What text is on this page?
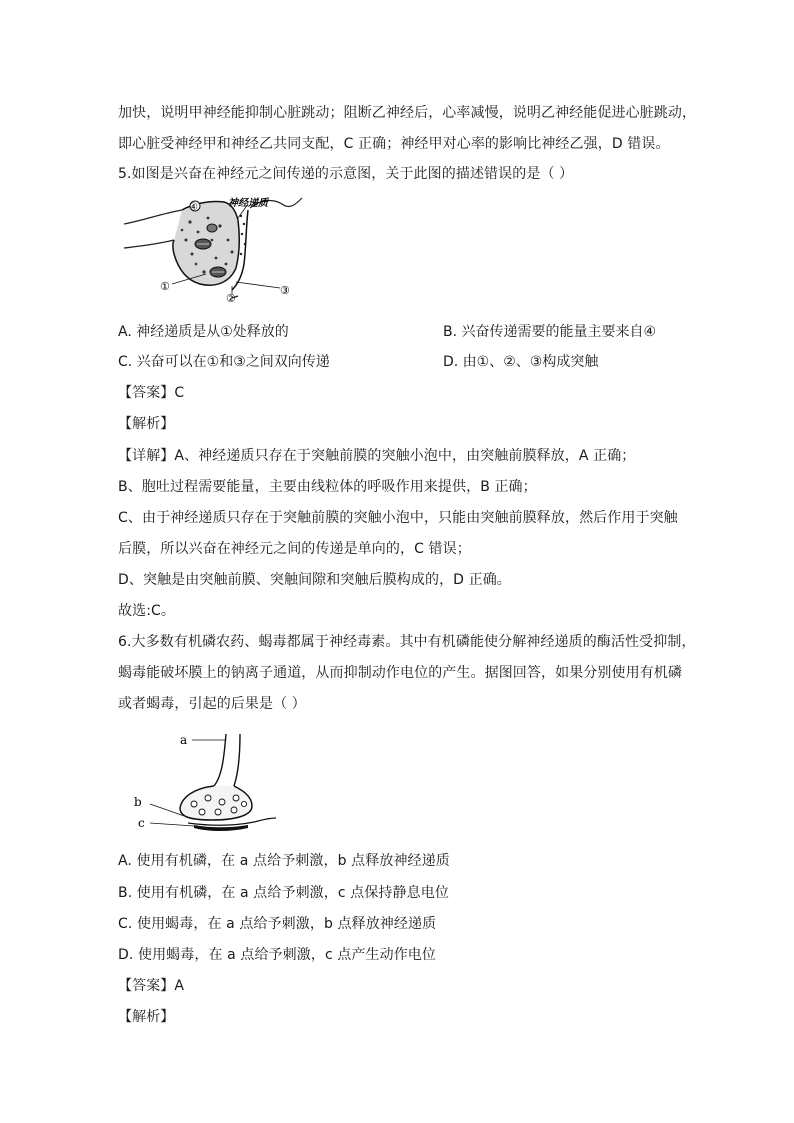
加快，说明甲神经能抑制心脏跳动；阻断乙神经后，心率减慢，说明乙神经能促进心脏跳动，
即心脏受神经甲和神经乙共同支配，C 正确；神经甲对心率的影响比神经乙强，D 错误。
5.如图是兴奋在神经元之间传递的示意图，关于此图的描述错误的是（ ）
神经递质
④
①
②
③
A. 神经递质是从①处释放的	B. 兴奋传递需要的能量主要来自④
C. 兴奋可以在①和③之间双向传递	D. 由①、②、③构成突触
【答案】C
【解析】
【详解】A、神经递质只存在于突触前膜的突触小泡中，由突触前膜释放，A 正确；
B、胞吐过程需要能量，主要由线粒体的呼吸作用来提供，B 正确；
C、由于神经递质只存在于突触前膜的突触小泡中，只能由突触前膜释放，然后作用于突触
后膜，所以兴奋在神经元之间的传递是单向的，C 错误；
D、突触是由突触前膜、突触间隙和突触后膜构成的，D 正确。
故选:C。
6.大多数有机磷农药、蝎毒都属于神经毒素。其中有机磷能使分解神经递质的酶活性受抑制，
蝎毒能破坏膜上的钠离子通道，从而抑制动作电位的产生。据图回答，如果分别使用有机磷
或者蝎毒，引起的后果是（ ）
a
b
c
A. 使用有机磷，在 a 点给予刺激，b 点释放神经递质
B. 使用有机磷，在 a 点给予刺激，c 点保持静息电位
C. 使用蝎毒，在 a 点给予刺激，b 点释放神经递质
D. 使用蝎毒，在 a 点给予刺激，c 点产生动作电位
【答案】A
【解析】
